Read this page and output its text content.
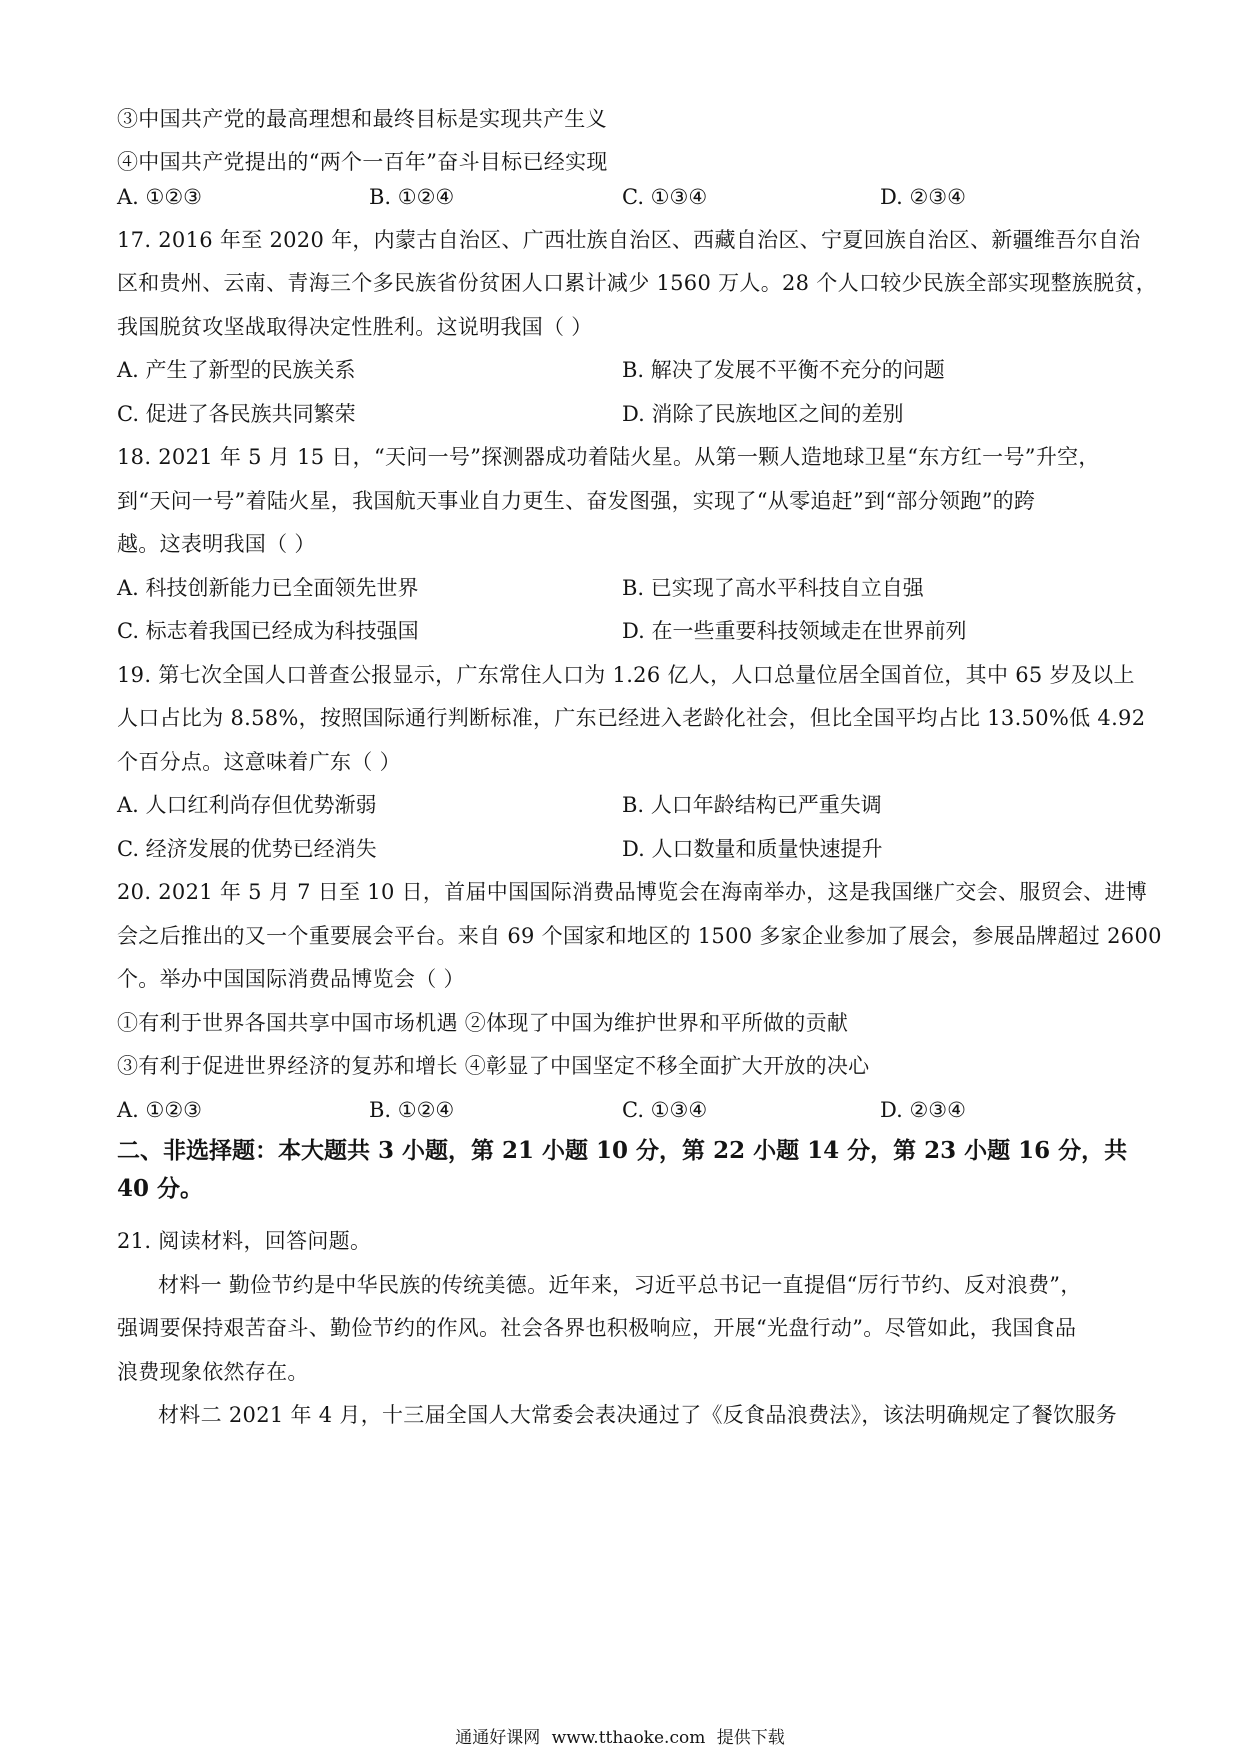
③中国共产党的最高理想和最终目标是实现共产生义
④中国共产党提出的“两个一百年”奋斗目标已经实现
A. ①②③	B. ①②④	C. ①③④	D. ②③④
17. 2016 年至 2020 年，内蒙古自治区、广西壮族自治区、西藏自治区、宁夏回族自治区、新疆维吾尔自治
区和贵州、云南、青海三个多民族省份贫困人口累计减少 1560 万人。28 个人口较少民族全部实现整族脱贫，
我国脱贫攻坚战取得决定性胜利。这说明我国（ ）
A. 产生了新型的民族关系	B. 解决了发展不平衡不充分的问题
C. 促进了各民族共同繁荣	D. 消除了民族地区之间的差别
18. 2021 年 5 月 15 日，“天问一号”探测器成功着陆火星。从第一颗人造地球卫星“东方红一号”升空，
到“天问一号”着陆火星，我国航天事业自力更生、奋发图强，实现了“从零追赶”到“部分领跑”的跨
越。这表明我国（ ）
A. 科技创新能力已全面领先世界	B. 已实现了高水平科技自立自强
C. 标志着我国已经成为科技强国	D. 在一些重要科技领域走在世界前列
19. 第七次全国人口普查公报显示，广东常住人口为 1.26 亿人，人口总量位居全国首位，其中 65 岁及以上
人口占比为 8.58%，按照国际通行判断标准，广东已经进入老龄化社会，但比全国平均占比 13.50%低 4.92
个百分点。这意味着广东（ ）
A. 人口红利尚存但优势渐弱	B. 人口年龄结构已严重失调
C. 经济发展的优势已经消失	D. 人口数量和质量快速提升
20. 2021 年 5 月 7 日至 10 日，首届中国国际消费品博览会在海南举办，这是我国继广交会、服贸会、进博
会之后推出的又一个重要展会平台。来自 69 个国家和地区的 1500 多家企业参加了展会，参展品牌超过 2600
个。举办中国国际消费品博览会（ ）
①有利于世界各国共享中国市场机遇 ②体现了中国为维护世界和平所做的贡献
③有利于促进世界经济的复苏和增长 ④彰显了中国坚定不移全面扩大开放的决心
A. ①②③	B. ①②④	C. ①③④	D. ②③④
二、非选择题：本大题共 3 小题，第 21 小题 10 分，第 22 小题 14 分，第 23 小题 16 分，共
40 分。
21. 阅读材料，回答问题。
材料一 勤俭节约是中华民族的传统美德。近年来，习近平总书记一直提倡“厉行节约、反对浪费”，
强调要保持艰苦奋斗、勤俭节约的作风。社会各界也积极响应，开展“光盘行动”。尽管如此，我国食品
浪费现象依然存在。
材料二 2021 年 4 月，十三届全国人大常委会表决通过了《反食品浪费法》，该法明确规定了餐饮服务
通通好课网 www.tthaoke.com 提供下载
